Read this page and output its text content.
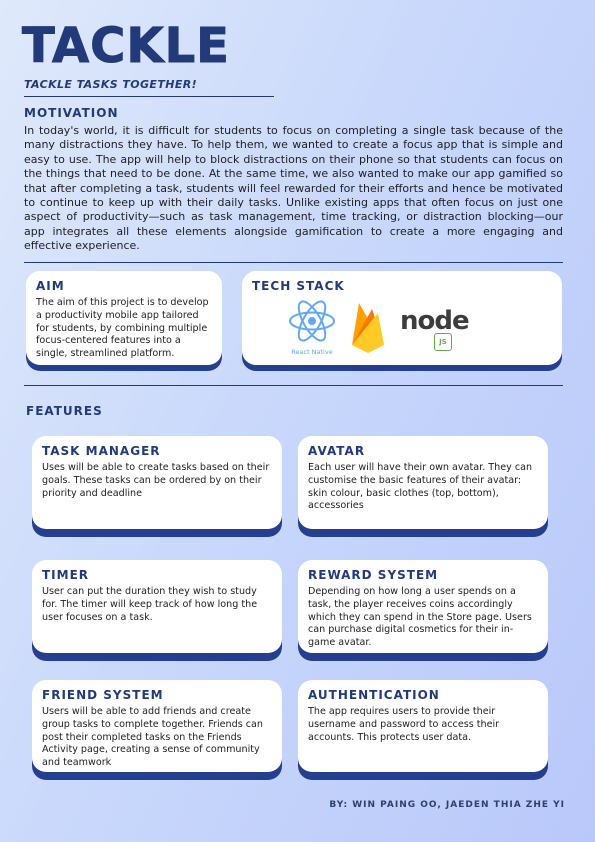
TACKLE
TACKLE TASKS TOGETHER!
MOTIVATION
In today's world, it is difficult for students to focus on completing a single task because of the many distractions they have. To help them, we wanted to create a focus app that is simple and easy to use. The app will help to block distractions on their phone so that students can focus on the things that need to be done. At the same time, we also wanted to make our app gamified so that after completing a task, students will feel rewarded for their efforts and hence be motivated to continue to keep up with their daily tasks. Unlike existing apps that often focus on just one aspect of productivity—such as task management, time tracking, or distraction blocking—our app integrates all these elements alongside gamification to create a more engaging and effective experience.
AIM
The aim of this project is to develop a productivity mobile app tailored for students, by combining multiple focus-centered features into a single, streamlined platform.
TECH STACK
React Native
node
JS
FEATURES
TASK MANAGER
Uses will be able to create tasks based on their goals. These tasks can be ordered by on their priority and deadline
AVATAR
Each user will have their own avatar. They can customise the basic features of their avatar: skin colour, basic clothes (top, bottom), accessories
TIMER
User can put the duration they wish to study for. The timer will keep track of how long the user focuses on a task.
REWARD SYSTEM
Depending on how long a user spends on a task, the player receives coins accordingly which they can spend in the Store page. Users can purchase digital cosmetics for their in-game avatar.
FRIEND SYSTEM
Users will be able to add friends and create group tasks to complete together. Friends can post their completed tasks on the Friends Activity page, creating a sense of community and teamwork
AUTHENTICATION
The app requires users to provide their username and password to access their accounts. This protects user data.
BY: WIN PAING OO, JAEDEN THIA ZHE YI
